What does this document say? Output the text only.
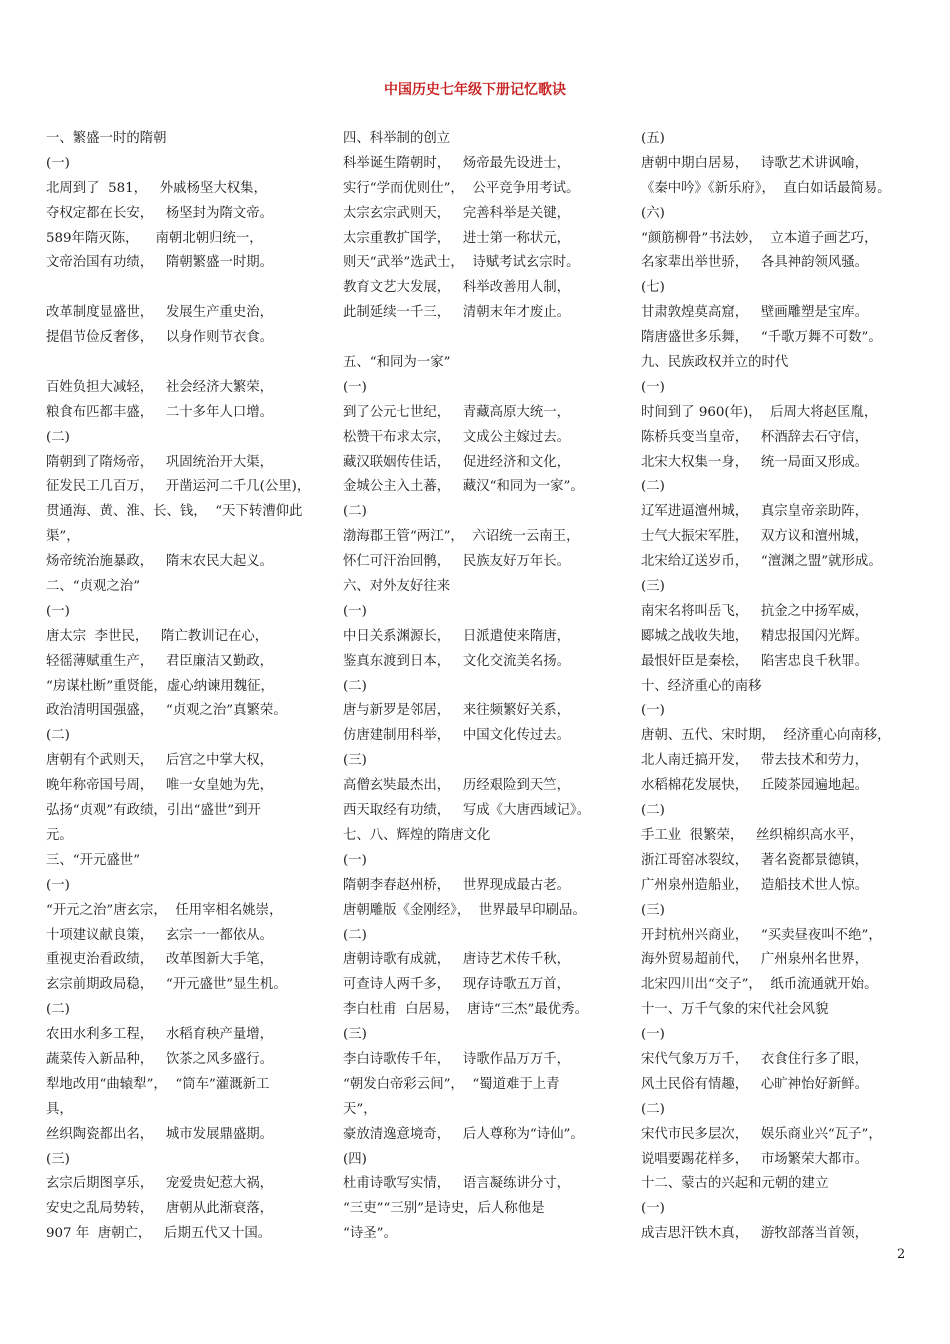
中国历史七年级下册记忆歌诀
一、繁盛一时的隋朝
(一)
北周到了  581，   外戚杨坚大权集，
夺权定都在长安，   杨坚封为隋文帝。
589年隋灭陈，    南朝北朝归统一，
文帝治国有功绩，   隋朝繁盛一时期。
改革制度显盛世，   发展生产重史治，
提倡节俭反奢侈，   以身作则节衣食。
百姓负担大减轻，   社会经济大繁荣，
粮食布匹都丰盛，   二十多年人口增。
(二)
隋朝到了隋炀帝，   巩固统治开大渠，
征发民工几百万，   开凿运河二千几(公里)，
贯通海、黄、淮、长、钱，  “天下转漕仰此
渠”，
炀帝统治施暴政，   隋末农民大起义。
二、“贞观之治”
(一)
唐太宗  李世民，   隋亡教训记在心，
轻徭薄赋重生产，   君臣廉洁又勤政，
“房谋杜断”重贤能，虚心纳谏用魏征，
政治清明国强盛，   “贞观之治”真繁荣。
(二)
唐朝有个武则天，   后宫之中掌大权，
晚年称帝国号周，   唯一女皇她为先，
弘扬“贞观”有政绩，引出“盛世”到开
元。
三、“开元盛世”
(一)
“开元之治”唐玄宗，  任用宰相名姚崇，
十项建议献良策，   玄宗一一都依从。
重视吏治看政绩，   改革图新大手笔，
玄宗前期政局稳，   “开元盛世”显生机。
(二)
农田水利多工程，   水稻育秧产量增，
蔬菜传入新品种，   饮茶之风多盛行。
犁地改用“曲辕犁”，  “筒车”灌溉新工
具，
丝织陶瓷都出名，   城市发展鼎盛期。
(三)
玄宗后期图享乐，   宠爱贵妃惹大祸，
安史之乱局势转，   唐朝从此渐衰落，
907 年  唐朝亡，   后期五代又十国。
四、科举制的创立
科举诞生隋朝时，   炀帝最先设进士，
实行“学而优则仕”，  公平竞争用考试。
太宗玄宗武则天，   完善科举是关键，
太宗重教扩国学，   进士第一称状元，
则天“武举”选武士，  诗赋考试玄宗时。
教育文艺大发展，   科举改善用人制，
此制延续一千三，   清朝末年才废止。
五、“和同为一家”
(一)
到了公元七世纪，   青藏高原大统一，
松赞干布求太宗，   文成公主嫁过去。
藏汉联姻传佳话，   促进经济和文化，
金城公主入土蕃，   藏汉“和同为一家”。
(二)
渤海郡王管“两江”，  六诏统一云南王，
怀仁可汗治回鹘，   民族友好万年长。
六、对外友好往来
(一)
中日关系渊源长，   日派遣使来隋唐，
鉴真东渡到日本，   文化交流美名扬。
(二)
唐与新罗是邻居，   来往频繁好关系，
仿唐建制用科举，   中国文化传过去。
(三)
高僧玄奘最杰出，   历经艰险到天竺，
西天取经有功绩，   写成《大唐西域记》。
七、八、辉煌的隋唐文化
(一)
隋朝李春赵州桥，   世界现成最古老。
唐朝雕版《金刚经》，  世界最早印刷品。
(二)
唐朝诗歌有成就，   唐诗艺术传千秋，
可查诗人两千多，   现存诗歌五万首，
李白杜甫  白居易，  唐诗“三杰”最优秀。
(三)
李白诗歌传千年，   诗歌作品万万千，
“朝发白帝彩云间”，  “蜀道难于上青
天”，
豪放清逸意境奇，   后人尊称为“诗仙”。
(四)
杜甫诗歌写实情，   语言凝练讲分寸，
“三吏”“三别”是诗史，后人称他是
“诗圣”。
(五)
唐朝中期白居易，   诗歌艺术讲讽喻，
《秦中吟》《新乐府》，  直白如话最简易。
(六)
“颜筋柳骨”书法妙，  立本道子画艺巧，
名家辈出举世骄，   各具神韵领风骚。
(七)
甘肃敦煌莫高窟，   壁画雕塑是宝库。
隋唐盛世多乐舞，   “千歌万舞不可数”。
九、民族政权并立的时代
(一)
时间到了 960(年)，  后周大将赵匡胤，
陈桥兵变当皇帝，   杯酒辞去石守信，
北宋大权集一身，   统一局面又形成。
(二)
辽军进逼澶州城，   真宗皇帝亲助阵，
士气大振宋军胜，   双方议和澶州城，
北宋给辽送岁币，   “澶渊之盟”就形成。
(三)
南宋名将叫岳飞，   抗金之中扬军威，
郾城之战收失地，   精忠报国闪光辉。
最恨奸臣是秦桧，   陷害忠良千秋罪。
十、经济重心的南移
(一)
唐朝、五代、宋时期，  经济重心向南移，
北人南迁搞开发，   带去技术和劳力，
水稻棉花发展快，   丘陵茶园遍地起。
(二)
手工业  很繁荣，   丝织棉织高水平，
浙江哥窑冰裂纹，   著名瓷都景德镇，
广州泉州造船业，   造船技术世人惊。
(三)
开封杭州兴商业，   “买卖昼夜叫不绝”，
海外贸易超前代，   广州泉州名世界，
北宋四川出“交子”，  纸币流通就开始。
十一、万千气象的宋代社会风貌
(一)
宋代气象万万千，   衣食住行多了眼，
风土民俗有情趣，   心旷神怡好新鲜。
(二)
宋代市民多层次，   娱乐商业兴“瓦子”，
说唱要踢花样多，   市场繁荣大都市。
十二、蒙古的兴起和元朝的建立
(一)
成吉思汗铁木真，   游牧部落当首领，
2
